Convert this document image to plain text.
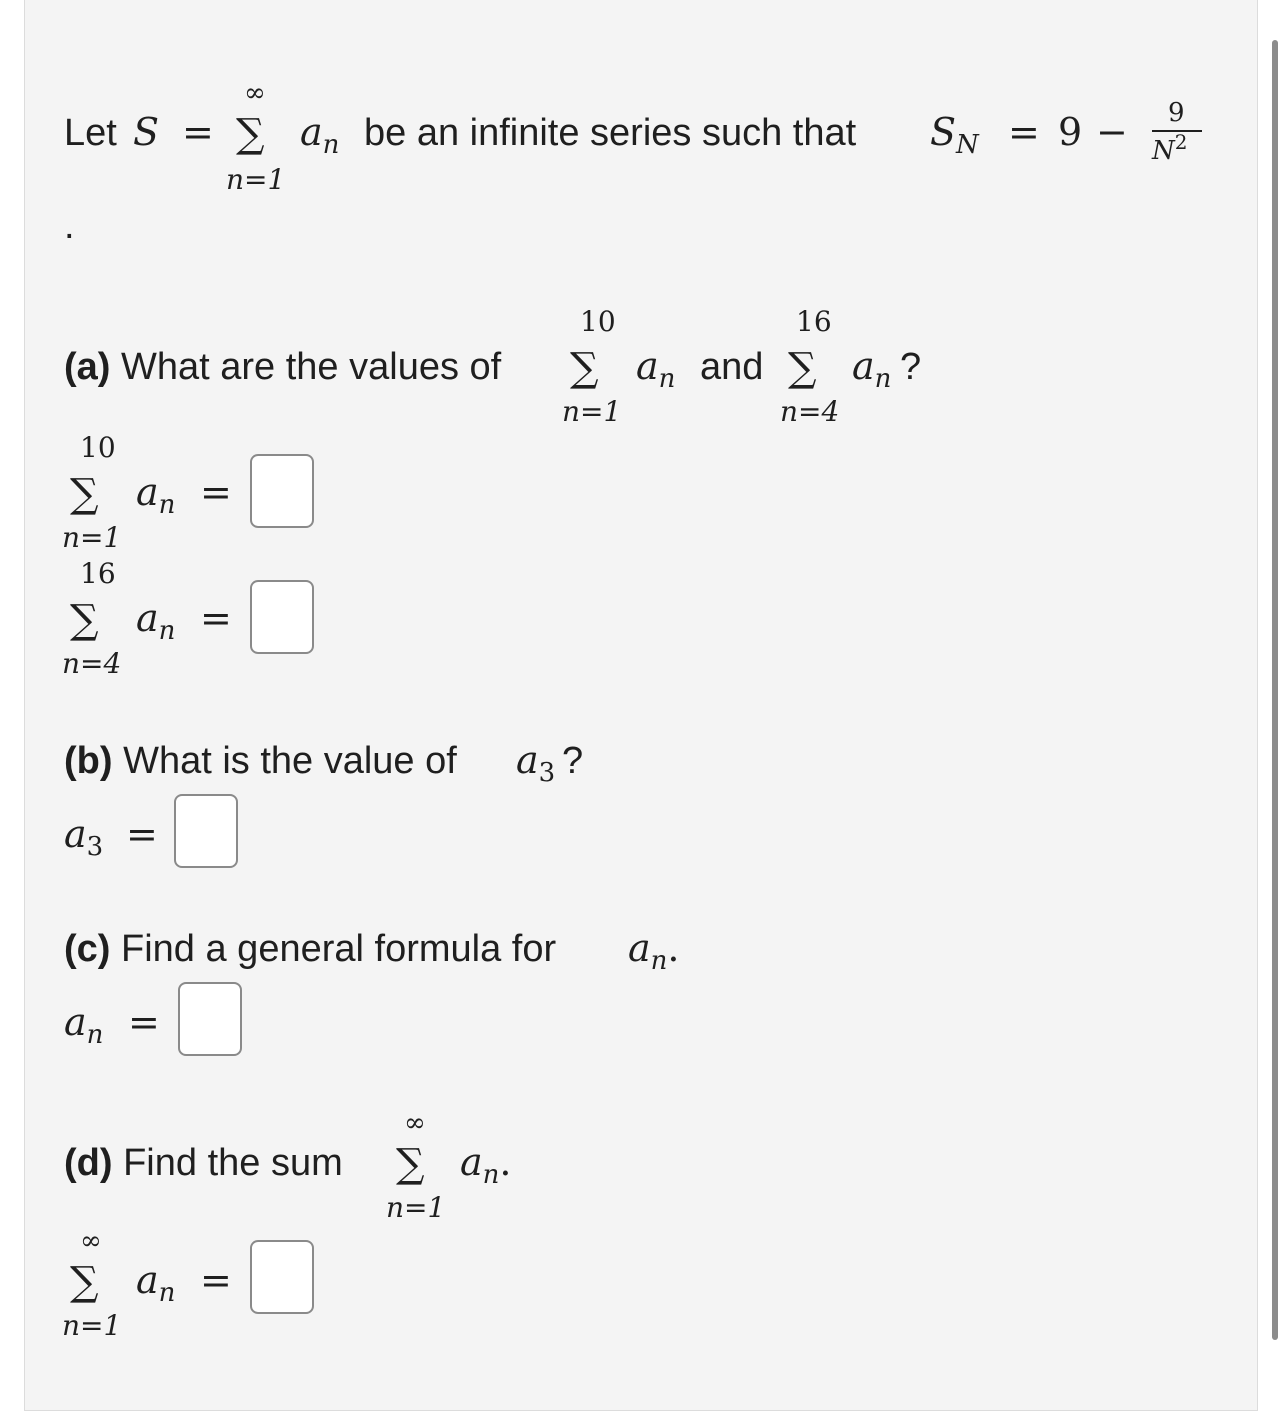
Let S =
∞
∑
n=1
$a_n$ be an infinite series such that $S_N = 9 - 9$
$N^2$
.
(a) What are the values of
10
∑
n=1
$a_n$ and
16
∑
n=4
$a_n$ ?
10
∑
n=1
$a_n$ =
16
∑
n=4
$a_n$ =
(b) What is the value of $a_3$ ?
$a_3$ =
(c) Find a general formula for $a_n$.
$a_n$ =
(d) Find the sum
∞
∑
n=1
$a_n$.
∞
∑
n=1
$a_n$ =
